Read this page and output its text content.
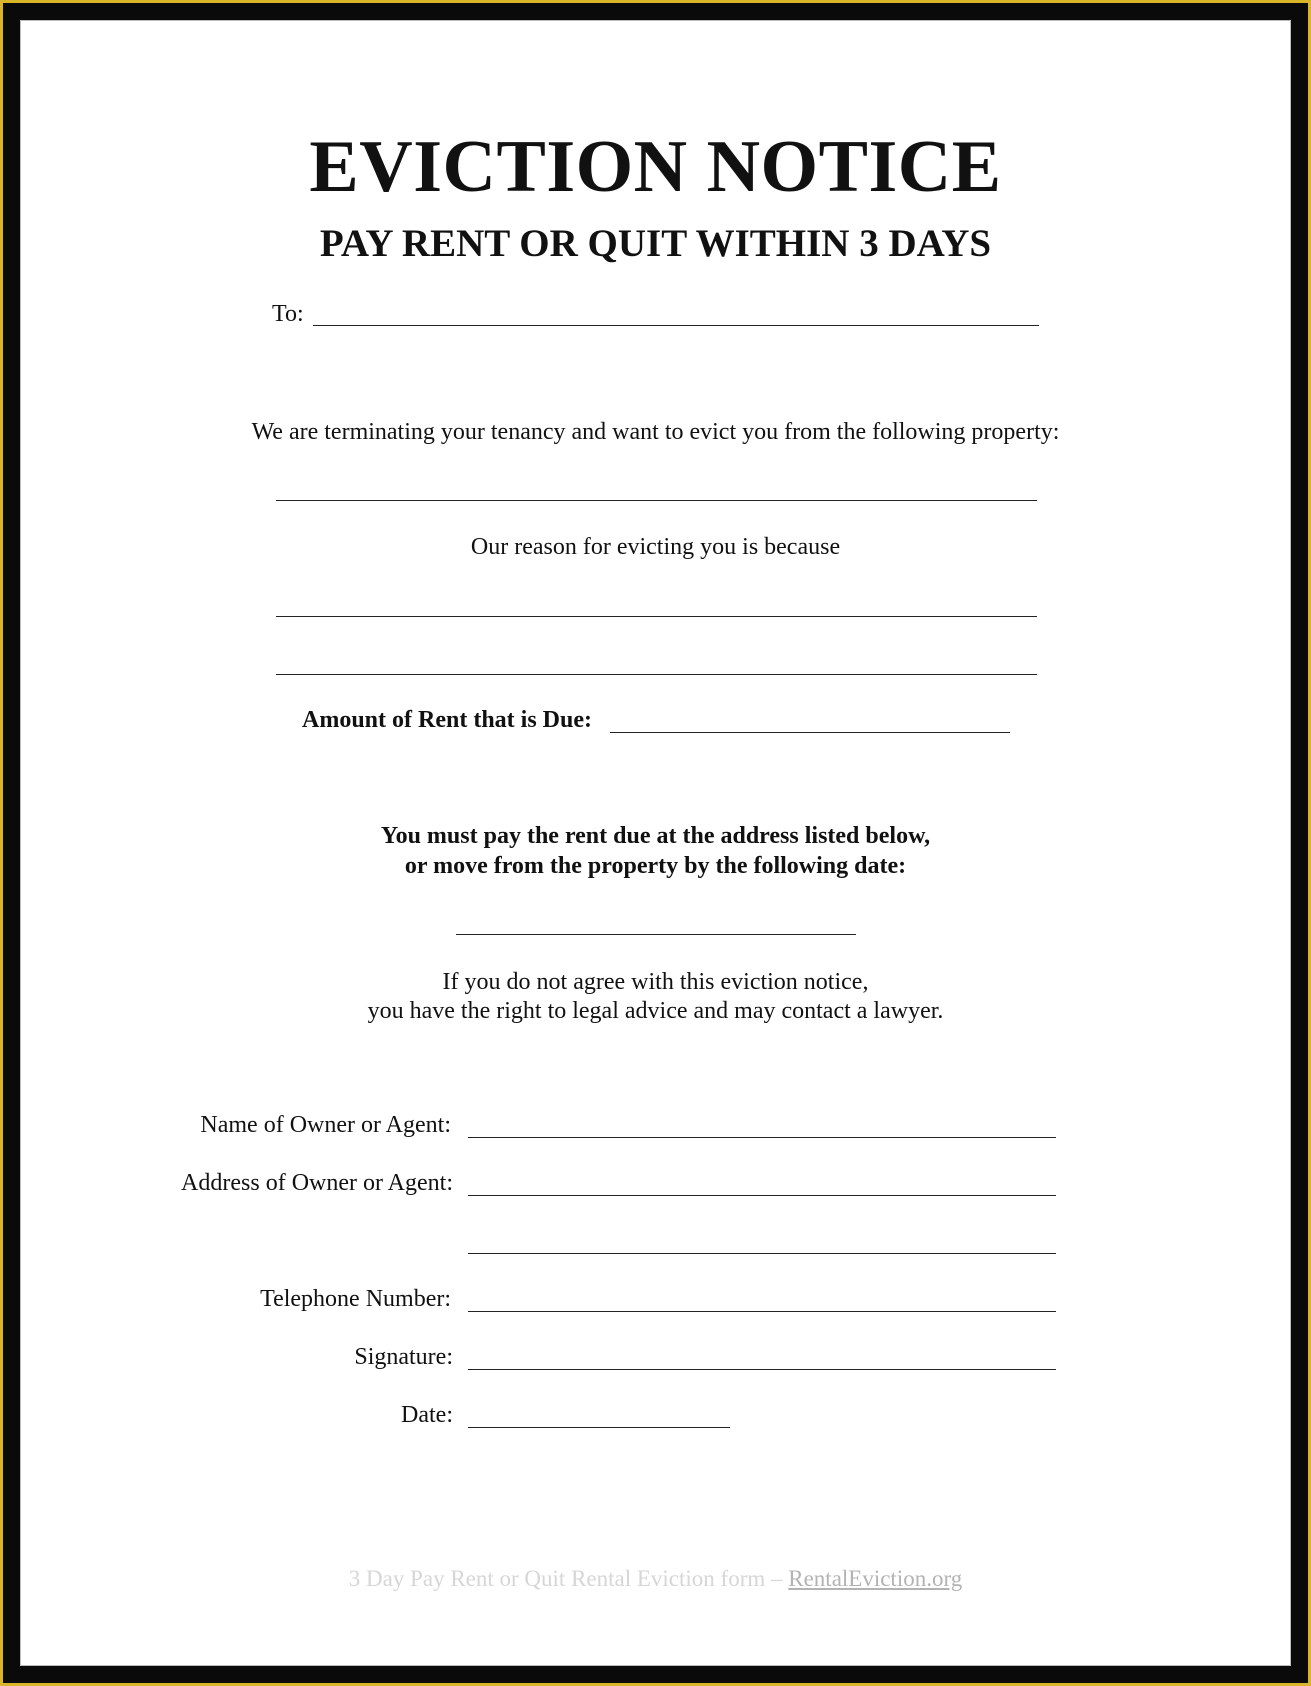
EVICTION NOTICE
PAY RENT OR QUIT WITHIN 3 DAYS
To:
We are terminating your tenancy and want to evict you from the following property:
Our reason for evicting you is because
Amount of Rent that is Due:
You must pay the rent due at the address listed below,
or move from the property by the following date:
If you do not agree with this eviction notice,
you have the right to legal advice and may contact a lawyer.
Name of Owner or Agent:
Address of Owner or Agent:
Telephone Number:
Signature:
Date:
3 Day Pay Rent or Quit Rental Eviction form – RentalEviction.org
